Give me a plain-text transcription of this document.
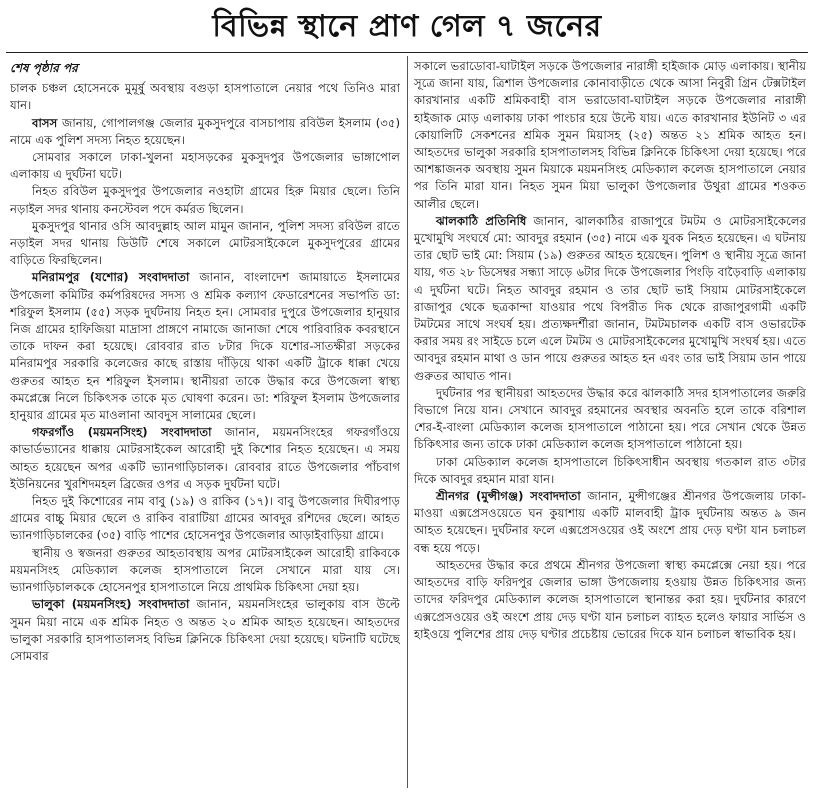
বিভিন্ন স্থানে প্রাণ গেল ৭ জনের
শেষ পৃষ্ঠার পর

চালক চঞ্চল হোসেনকে মুমূর্ষু অবস্থায় বগুড়া হাসপাতালে নেয়ার পথে তিনিও মারা যান।

বাসস জানায়, গোপালগঞ্জ জেলার মুকসুদপুরে বাসচাপায় রবিউল ইসলাম (৩৫) নামে এক পুলিশ সদস্য নিহত হয়েছেন।

সোমবার সকালে ঢাকা-খুলনা মহাসড়কের মুকসুদপুর উপজেলার ভাঙ্গাপোল এলাকায় এ দুর্ঘটনা ঘটে।

নিহত রবিউল মুকসুদপুর উপজেলার নওহাটা গ্রামের হিরু মিয়ার ছেলে। তিনি নড়াইল সদর থানায় কনস্টেবল পদে কর্মরত ছিলেন।

মুকসুদপুর থানার ওসি আবদুল্লাহ আল মামুন জানান, পুলিশ সদস্য রবিউল রাতে নড়াইল সদর থানায় ডিউটি শেষে সকালে মোটরসাইকেলে মুকসুদপুরের গ্রামের বাড়িতে ফিরছিলেন।

মনিরামপুর (যশোর) সংবাদদাতা জানান, বাংলাদেশ জামায়াতে ইসলামের উপজেলা কমিটির কর্মপরিষদের সদস্য ও শ্রমিক কল্যাণ ফেডারেশনের সভাপতি ডা: শরিফুল ইসলাম (৫৫) সড়ক দুর্ঘটনায় নিহত হন। সোমবার দুপুরে উপজেলার হানুয়ার নিজ গ্রামের হাফিজিয়া মাদ্রাসা প্রাঙ্গণে নামাজে জানাজা শেষে পারিবারিক কবরস্থানে তাকে দাফন করা হয়েছে। রোববার রাত ৮টার দিকে যশোর-সাতক্ষীরা সড়কের মনিরামপুর সরকারি কলেজের কাছে রাস্তায় দাঁড়িয়ে থাকা একটি ট্রাকে ধাক্কা খেয়ে গুরুতর আহত হন শরিফুল ইসলাম। স্থানীয়রা তাকে উদ্ধার করে উপজেলা স্বাস্থ্য কমপ্লেক্সে নিলে চিকিৎসক তাকে মৃত ঘোষণা করেন। ডা: শরিফুল ইসলাম উপজেলার হানুয়ার গ্রামের মৃত মাওলানা আবদুস সালামের ছেলে।

গফরগাঁও (ময়মনসিংহ) সংবাদদাতা জানান, ময়মনসিংহের গফরগাঁওয়ে কাভার্ডভ্যানের ধাক্কায় মোটরসাইকেল আরোহী দুই কিশোর নিহত হয়েছেন। এ সময় আহত হয়েছেন অপর একটি ভ্যানগাড়িচালক। রোববার রাতে উপজেলার পাঁচবাগ ইউনিয়নের খুরশিদমহল ব্রিজের ওপর এ সড়ক দুর্ঘটনা ঘটে।

নিহত দুই কিশোরের নাম বাবু (১৯) ও রাকিব (১৭)। বাবু উপজেলার দিঘীরপাড় গ্রামের বাচ্চু মিয়ার ছেলে ও রাকিব বারাটিয়া গ্রামের আবদুর রশিদের ছেলে। আহত ভ্যানগাড়িচালকের (৩৫) বাড়ি পাশের হোসেনপুর উপজেলার আড়াইবাড়িয়া গ্রামে।

স্থানীয় ও স্বজনরা গুরুতর আহতাবস্থায় অপর মোটরসাইকেল আরোহী রাকিবকে ময়মনসিংহ মেডিক্যাল কলেজ হাসপাতালে নিলে সেখানে মারা যায় সে। ভ্যানগাড়িচালককে হোসেনপুর হাসপাতালে নিয়ে প্রাথমিক চিকিৎসা দেয়া হয়।

ভালুকা (ময়মনসিংহ) সংবাদদাতা জানান, ময়মনসিংহের ভালুকায় বাস উল্টে সুমন মিয়া নামে এক শ্রমিক নিহত ও অন্তত ২০ শ্রমিক আহত হয়েছেন। আহতদের ভালুকা সরকারি হাসপাতালসহ বিভিন্ন ক্লিনিকে চিকিৎসা দেয়া হয়েছে। ঘটনাটি ঘটেছে সোমবার

সকালে ভরাডোবা-ঘাটাইল সড়কে উপজেলার নারাঙ্গী হাইজাক মোড় এলাকায়। স্থানীয় সূত্রে জানা যায়, ত্রিশাল উপজেলার কোনাবাড়ীতে থেকে আসা নিবুরী গ্রিন টেক্সটাইল কারখানার একটি শ্রমিকবাহী বাস ভরাডোবা-ঘাটাইল সড়কে উপজেলার নারাঙ্গী হাইজাক মোড় এলাকায় ঢাকা পাংচার হয়ে উল্টে যায়। এতে কারখানার ইউনিট ৩ এর কোয়ালিটি সেকশনের শ্রমিক সুমন মিয়াসহ (২৫) অন্তত ২১ শ্রমিক আহত হন। আহতদের ভালুকা সরকারি হাসপাতালসহ বিভিন্ন ক্লিনিকে চিকিৎসা দেয়া হয়েছে। পরে আশঙ্কাজনক অবস্থায় সুমন মিয়াকে ময়মনসিংহ মেডিক্যাল কলেজ হাসপাতালে নেয়ার পর তিনি মারা যান। নিহত সুমন মিয়া ভালুকা উপজেলার উথুরা গ্রামের শওকত আলীর ছেলে।

ঝালকাঠি প্রতিনিধি জানান, ঝালকাঠির রাজাপুরে টমটম ও মোটরসাইকেলের মুখোমুখি সংঘর্ষে মো: আবদুর রহমান (৩৫) নামে এক যুবক নিহত হয়েছেন। এ ঘটনায় তার ছোট ভাই মো: সিয়াম (১৯) গুরুতর আহত হয়েছেন। পুলিশ ও স্থানীয় সূত্রে জানা যায়, গত ২৮ ডিসেম্বর সন্ধ্যা সাড়ে ৬টার দিকে উপজেলার পিংড়ি বাড়ৈবাড়ি এলাকায় এ দুর্ঘটনা ঘটে। নিহত আবদুর রহমান ও তার ছোট ভাই সিয়াম মোটরসাইকেলে রাজাপুর থেকে ছত্রকান্দা যাওয়ার পথে বিপরীত দিক থেকে রাজাপুরগামী একটি টমটমের সাথে সংঘর্ষ হয়। প্রত্যক্ষদর্শীরা জানান, টমটমচালক একটি বাস ওভারটেক করার সময় রং সাইডে চলে এলে টমটম ও মোটরসাইকেলের মুখোমুখি সংঘর্ষ হয়। এতে আবদুর রহমান মাথা ও ডান পায়ে গুরুতর আহত হন এবং তার ভাই সিয়াম ডান পায়ে গুরুতর আঘাত পান।

দুর্ঘটনার পর স্থানীয়রা আহতদের উদ্ধার করে ঝালকাঠি সদর হাসপাতালের জরুরি বিভাগে নিয়ে যান। সেখানে আবদুর রহমানের অবস্থার অবনতি হলে তাকে বরিশাল শের-ই-বাংলা মেডিক্যাল কলেজ হাসপাতালে পাঠানো হয়। পরে সেখান থেকে উন্নত চিকিৎসার জন্য তাকে ঢাকা মেডিক্যাল কলেজ হাসপাতালে পাঠানো হয়।

ঢাকা মেডিক্যাল কলেজ হাসপাতালে চিকিৎসাধীন অবস্থায় গতকাল রাত ৩টার দিকে আবদুর রহমান মারা যান।

শ্রীনগর (মুন্সীগঞ্জ) সংবাদদাতা জানান, মুন্সীগঞ্জের শ্রীনগর উপজেলায় ঢাকা-মাওয়া এক্সপ্রেসওয়েতে ঘন কুয়াশায় একটি মালবাহী ট্রাক দুর্ঘটনায় অন্তত ৯ জন আহত হয়েছেন। দুর্ঘটনার ফলে এক্সপ্রেসওয়ের ওই অংশে প্রায় দেড় ঘণ্টা যান চলাচল বন্ধ হয়ে পড়ে।

আহতদের উদ্ধার করে প্রথমে শ্রীনগর উপজেলা স্বাস্থ্য কমপ্লেক্সে নেয়া হয়। পরে আহতদের বাড়ি ফরিদপুর জেলার ভাঙ্গা উপজেলায় হওয়ায় উন্নত চিকিৎসার জন্য তাদের ফরিদপুর মেডিক্যাল কলেজ হাসপাতালে স্থানান্তর করা হয়। দুর্ঘটনার কারণে এক্সপ্রেসওয়ের ওই অংশে প্রায় দেড় ঘণ্টা যান চলাচল ব্যাহত হলেও ফায়ার সার্ভিস ও হাইওয়ে পুলিশের প্রায় দেড় ঘণ্টার প্রচেষ্টায় ভোরের দিকে যান চলাচল স্বাভাবিক হয়।
